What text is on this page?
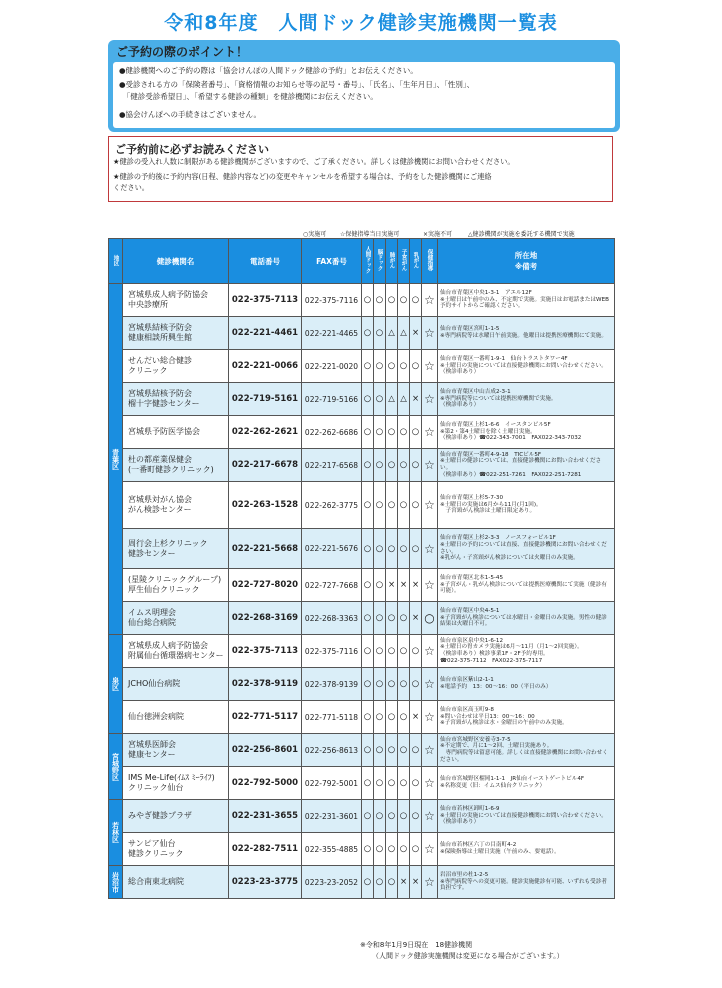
令和8年度　人間ドック健診実施機関一覧表
ご予約の際のポイント！
●健診機関へのご予約の際は「協会けんぽの人間ドック健診の予約」とお伝えください。
●受診される方の「保険者番号」、「資格情報のお知らせ等の記号・番号」、「氏名」、「生年月日」、「性別」、
　「健診受診希望日」、「希望する健診の種類」を健診機関にお伝えください。
●協会けんぽへの手続きはございません。
ご予約前に必ずお読みください
★健診の受入れ人数に制限がある健診機関がございますので、ご了承ください。詳しくは健診機関にお問い合わせください。
★健診の予約後に予約内容(日程、健診内容など)の変更やキャンセルを希望する場合は、予約をした健診機関にご連絡
ください。
○実施可 ☆保健指導当日実施可	×実施不可	△健診機関が実施を委託する機関で実施
地区	健診機関名	電話番号	FAX番号	人間ドック	脳ドック	肺がん	子宮がん	乳がん	保健指導	所在地
※備考
青葉区	宮城県成人病予防協会
中央診療所	022-375-7113	022-375-7116	○	○	○	○	○	☆	仙台市青葉区中央1-3-1　アエル12F
※土曜日は午前中のみ、不定期で実施。実施日はお電話またはWEB予約サイトからご確認ください。
	宮城県結核予防会
健康相談所興生館	022-221-4461	022-221-4465	○	○	△	△	×	☆	仙台市青葉区宮町1-1-5
※専門病院等は水曜日午前実施。他曜日は提携医療機関にて実施。
	せんだい総合健診
クリニック	022-221-0066	022-221-0020	○	○	○	○	○	☆	仙台市青葉区一番町1-9-1　仙台トラストタワー4F
※土曜日の実施については直接健診機関にお問い合わせください。
（検診車あり）
	宮城県結核予防会
榴十字健診センター	022-719-5161	022-719-5166	○	○	△	△	×	☆	仙台市青葉区中山吉成2-3-1
※専門病院等については提携医療機関で実施。
（検診車あり）
	宮城県予防医学協会	022-262-2621	022-262-6686	○	○	○	○	○	☆	仙台市青葉区上杉1-6-6　イースタンビル5F
※第2・第4土曜日を除く土曜日実施。
（検診車あり）☎022-343-7001　FAX022-343-7032
	杜の都産業保健会
(一番町健診クリニック)	022-217-6678	022-217-6568	○	○	○	○	○	☆	仙台市青葉区一番町4-9-18　TICビル5F
※土曜日の健診については、直接健診機関にお問い合わせください。
（検診車あり）☎022-251-7261　FAX022-251-7281
	宮城県対がん協会
がん検診センター	022-263-1528	022-262-3775	○	○	○	○	○	☆	仙台市青葉区上杉5-7-30
※土曜日の実施は6月から11月(月1回)。
　子宮頸がん検診は土曜日限定あり。
	周行会上杉クリニック
健診センター	022-221-5668	022-221-5676	○	○	○	○	○	☆	仙台市青葉区上杉2-3-3　ノースフォービル1F
※土曜日の予約については直接、直接健診機関にお問い合わせください。
※乳がん・子宮頸がん検診については火曜日のみ実施。
	(星陵クリニックグループ)
厚生仙台クリニック	022-727-8020	022-727-7668	○	○	×	×	×	☆	仙台市青葉区北本1-5-45
※子宮がん・乳がん検診については提携医療機関にて実施（健診有可能）。
	イムス明理会
仙台総合病院	022-268-3169	022-268-3363	○	○	○	○	×	○	仙台市青葉区中央4-5-1
※子宮頸がん検診については水曜日・金曜日のみ実施。男性の健診結果は火曜日不可。
泉区	宮城県成人病予防協会
附属仙台循環器病センター	022-375-7113	022-375-7116	○	○	○	○	○	☆	仙台市泉区泉中央1-6-12
※土曜日の胃カメラ実施は6月～11月（月1～2回実施）。
（検診車あり）検診事業1F・2F予約専用。
☎022-375-7112　FAX022-375-7117
	JCHO仙台病院	022-378-9119	022-378-9139	○	○	○	○	○	☆	仙台市泉区紫山2-1-1
※電話予約　13：00～16：00（平日のみ）
	仙台徳洲会病院	022-771-5117	022-771-5118	○	○	○	○	×	☆	仙台市泉区高玉町9-8
※問い合わせは平日13：00～16：00
※子宮頸がん検診は水・金曜日の午前中のみ実施。
宮城野区	宮城県医師会
健康センター	022-256-8601	022-256-8613	○	○	○	○	○	☆	仙台市宮城野区安養寺3-7-5
※不定期で、月に1～2回、土曜日実施あり。
　専門病院等は留意可能。詳しくは直接健診機関にお問い合わせください。
	IMS Me-Life(ｲﾑｽ ﾐｰﾗｲﾌ)
クリニック仙台	022-792-5000	022-792-5001	○	○	○	○	○	☆	仙台市宮城野区榴岡1-1-1　JR仙台イーストゲートビル4F
※名称変更（旧：イムス仙台クリニック）
若林区	みやぎ健診プラザ	022-231-3655	022-231-3601	○	○	○	○	○	☆	仙台市若林区卸町1-6-9
※土曜日の実施については直接健診機関にお問い合わせください。
（検診車あり）
	サンピア仙台
健診クリニック	022-282-7511	022-355-4885	○	○	○	○	○	☆	仙台市若林区六丁の目南町4-2
※保険指導は土曜日実施（午前のみ、要電話）。
岩沼市	総合南東北病院	0223-23-3775	0223-23-2052	○	○	○	×	×	☆	岩沼市里の杜1-2-5
※専門病院等への変更可能。健診実施健診有可能、いずれも受診者負担です。
※令和8年1月9日現在　18健診機関
（人間ドック健診実施機関は変更になる場合がございます。）
